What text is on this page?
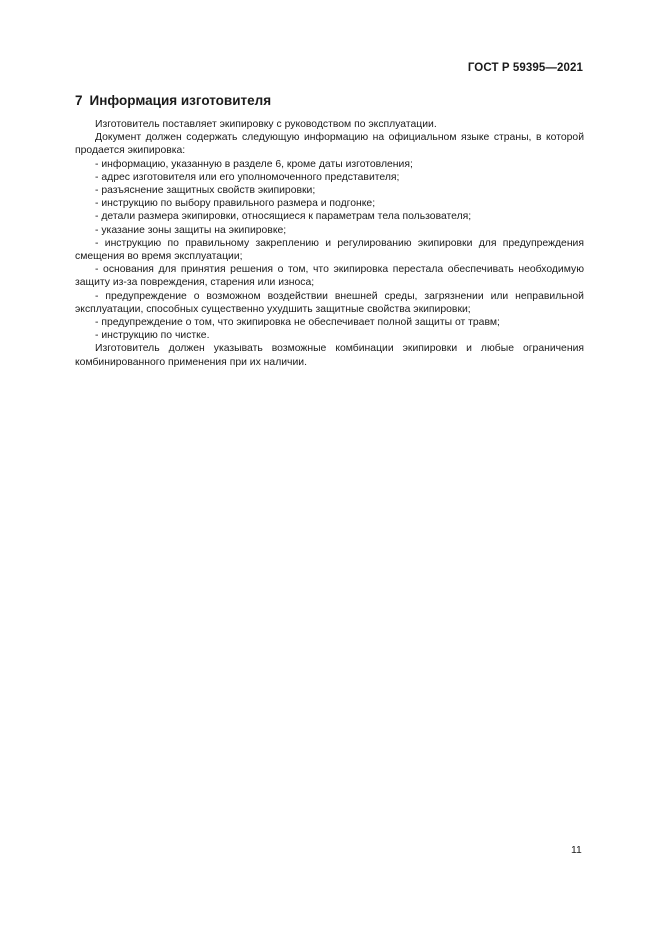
ГОСТ Р 59395—2021
7 Информация изготовителя

Изготовитель поставляет экипировку с руководством по эксплуатации.

Документ должен содержать следующую информацию на официальном языке страны, в которой продается экипировка:

- информацию, указанную в разделе 6, кроме даты изготовления;

- адрес изготовителя или его уполномоченного представителя;

- разъяснение защитных свойств экипировки;

- инструкцию по выбору правильного размера и подгонке;

- детали размера экипировки, относящиеся к параметрам тела пользователя;

- указание зоны защиты на экипировке;

- инструкцию по правильному закреплению и регулированию экипировки для предупреждения смещения во время эксплуатации;

- основания для принятия решения о том, что экипировка перестала обеспечивать необходимую защиту из-за повреждения, старения или износа;

- предупреждение о возможном воздействии внешней среды, загрязнении или неправильной эксплуатации, способных существенно ухудшить защитные свойства экипировки;

- предупреждение о том, что экипировка не обеспечивает полной защиты от травм;

- инструкцию по чистке.

Изготовитель должен указывать возможные комбинации экипировки и любые ограничения комбинированного применения при их наличии.

11
